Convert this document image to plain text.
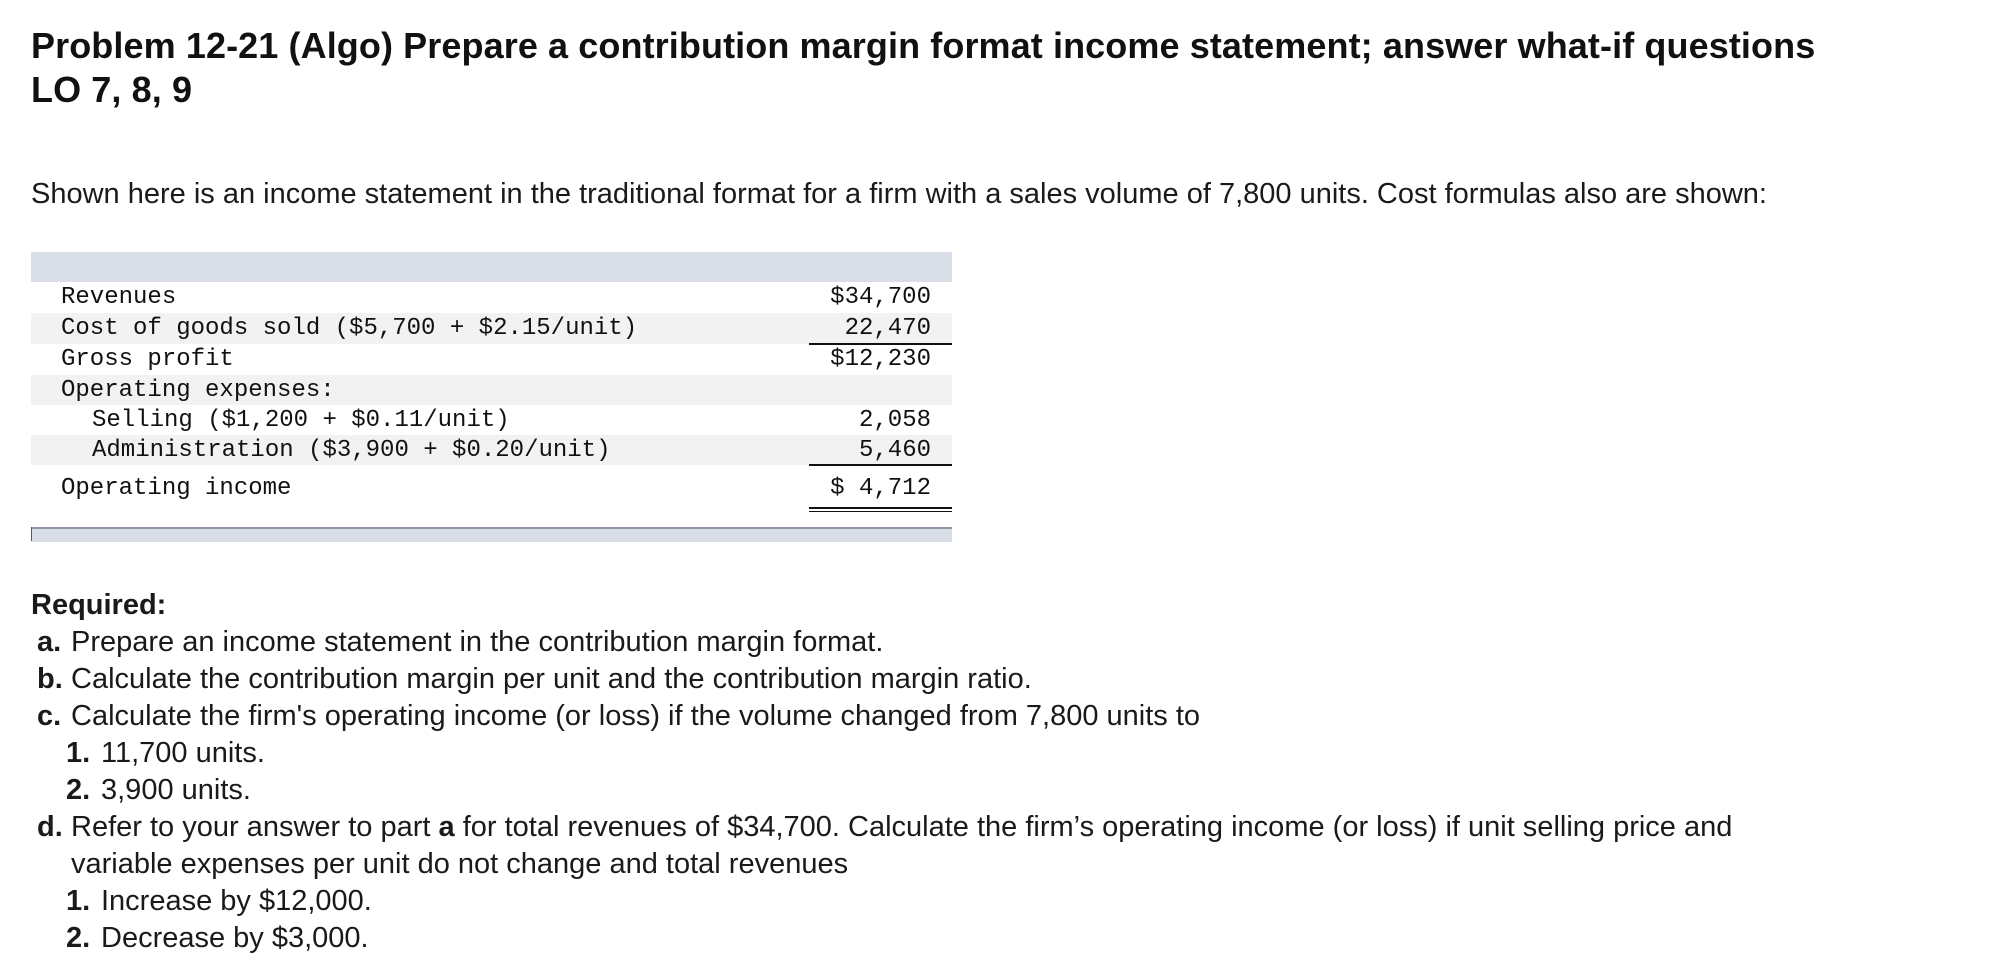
Problem 12-21 (Algo) Prepare a contribution margin format income statement; answer what-if questions
LO 7, 8, 9
Shown here is an income statement in the traditional format for a firm with a sales volume of 7,800 units. Cost formulas also are shown:
Revenues	$34,700
Cost of goods sold ($5,700 + $2.15/unit)	22,470
Gross profit	$12,230
Operating expenses:
Selling ($1,200 + $0.11/unit)	2,058
Administration ($3,900 + $0.20/unit)	5,460
Operating income	$ 4,712
Required:
a. Prepare an income statement in the contribution margin format.
b. Calculate the contribution margin per unit and the contribution margin ratio.
c. Calculate the firm's operating income (or loss) if the volume changed from 7,800 units to
1. 11,700 units.
2. 3,900 units.
d. Refer to your answer to part a for total revenues of $34,700. Calculate the firm’s operating income (or loss) if unit selling price and
variable expenses per unit do not change and total revenues
1. Increase by $12,000.
2. Decrease by $3,000.
